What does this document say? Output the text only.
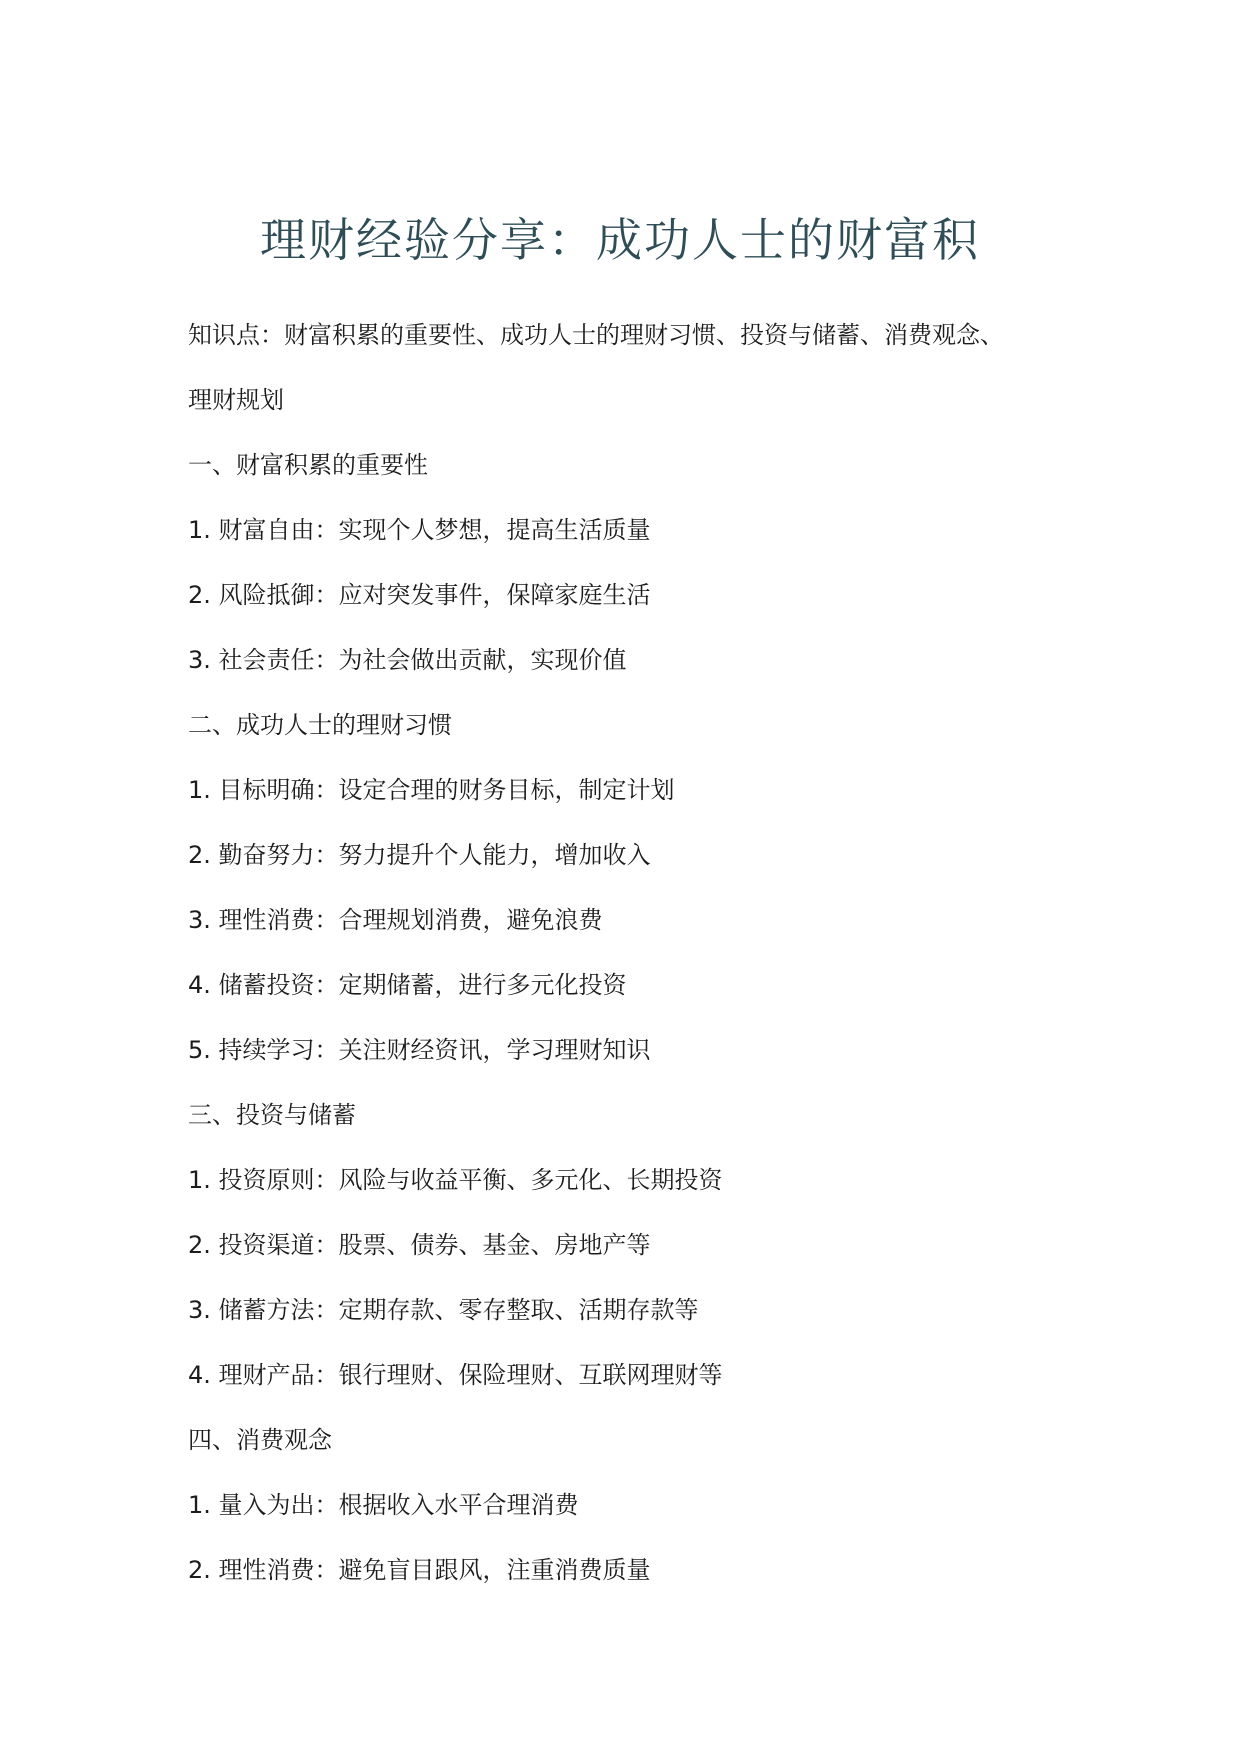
理财经验分享：成功人士的财富积
知识点：财富积累的重要性、成功人士的理财习惯、投资与储蓄、消费观念、
理财规划
一、财富积累的重要性
1. 财富自由：实现个人梦想，提高生活质量
2. 风险抵御：应对突发事件，保障家庭生活
3. 社会责任：为社会做出贡献，实现价值
二、成功人士的理财习惯
1. 目标明确：设定合理的财务目标，制定计划
2. 勤奋努力：努力提升个人能力，增加收入
3. 理性消费：合理规划消费，避免浪费
4. 储蓄投资：定期储蓄，进行多元化投资
5. 持续学习：关注财经资讯，学习理财知识
三、投资与储蓄
1. 投资原则：风险与收益平衡、多元化、长期投资
2. 投资渠道：股票、债券、基金、房地产等
3. 储蓄方法：定期存款、零存整取、活期存款等
4. 理财产品：银行理财、保险理财、互联网理财等
四、消费观念
1. 量入为出：根据收入水平合理消费
2. 理性消费：避免盲目跟风，注重消费质量
